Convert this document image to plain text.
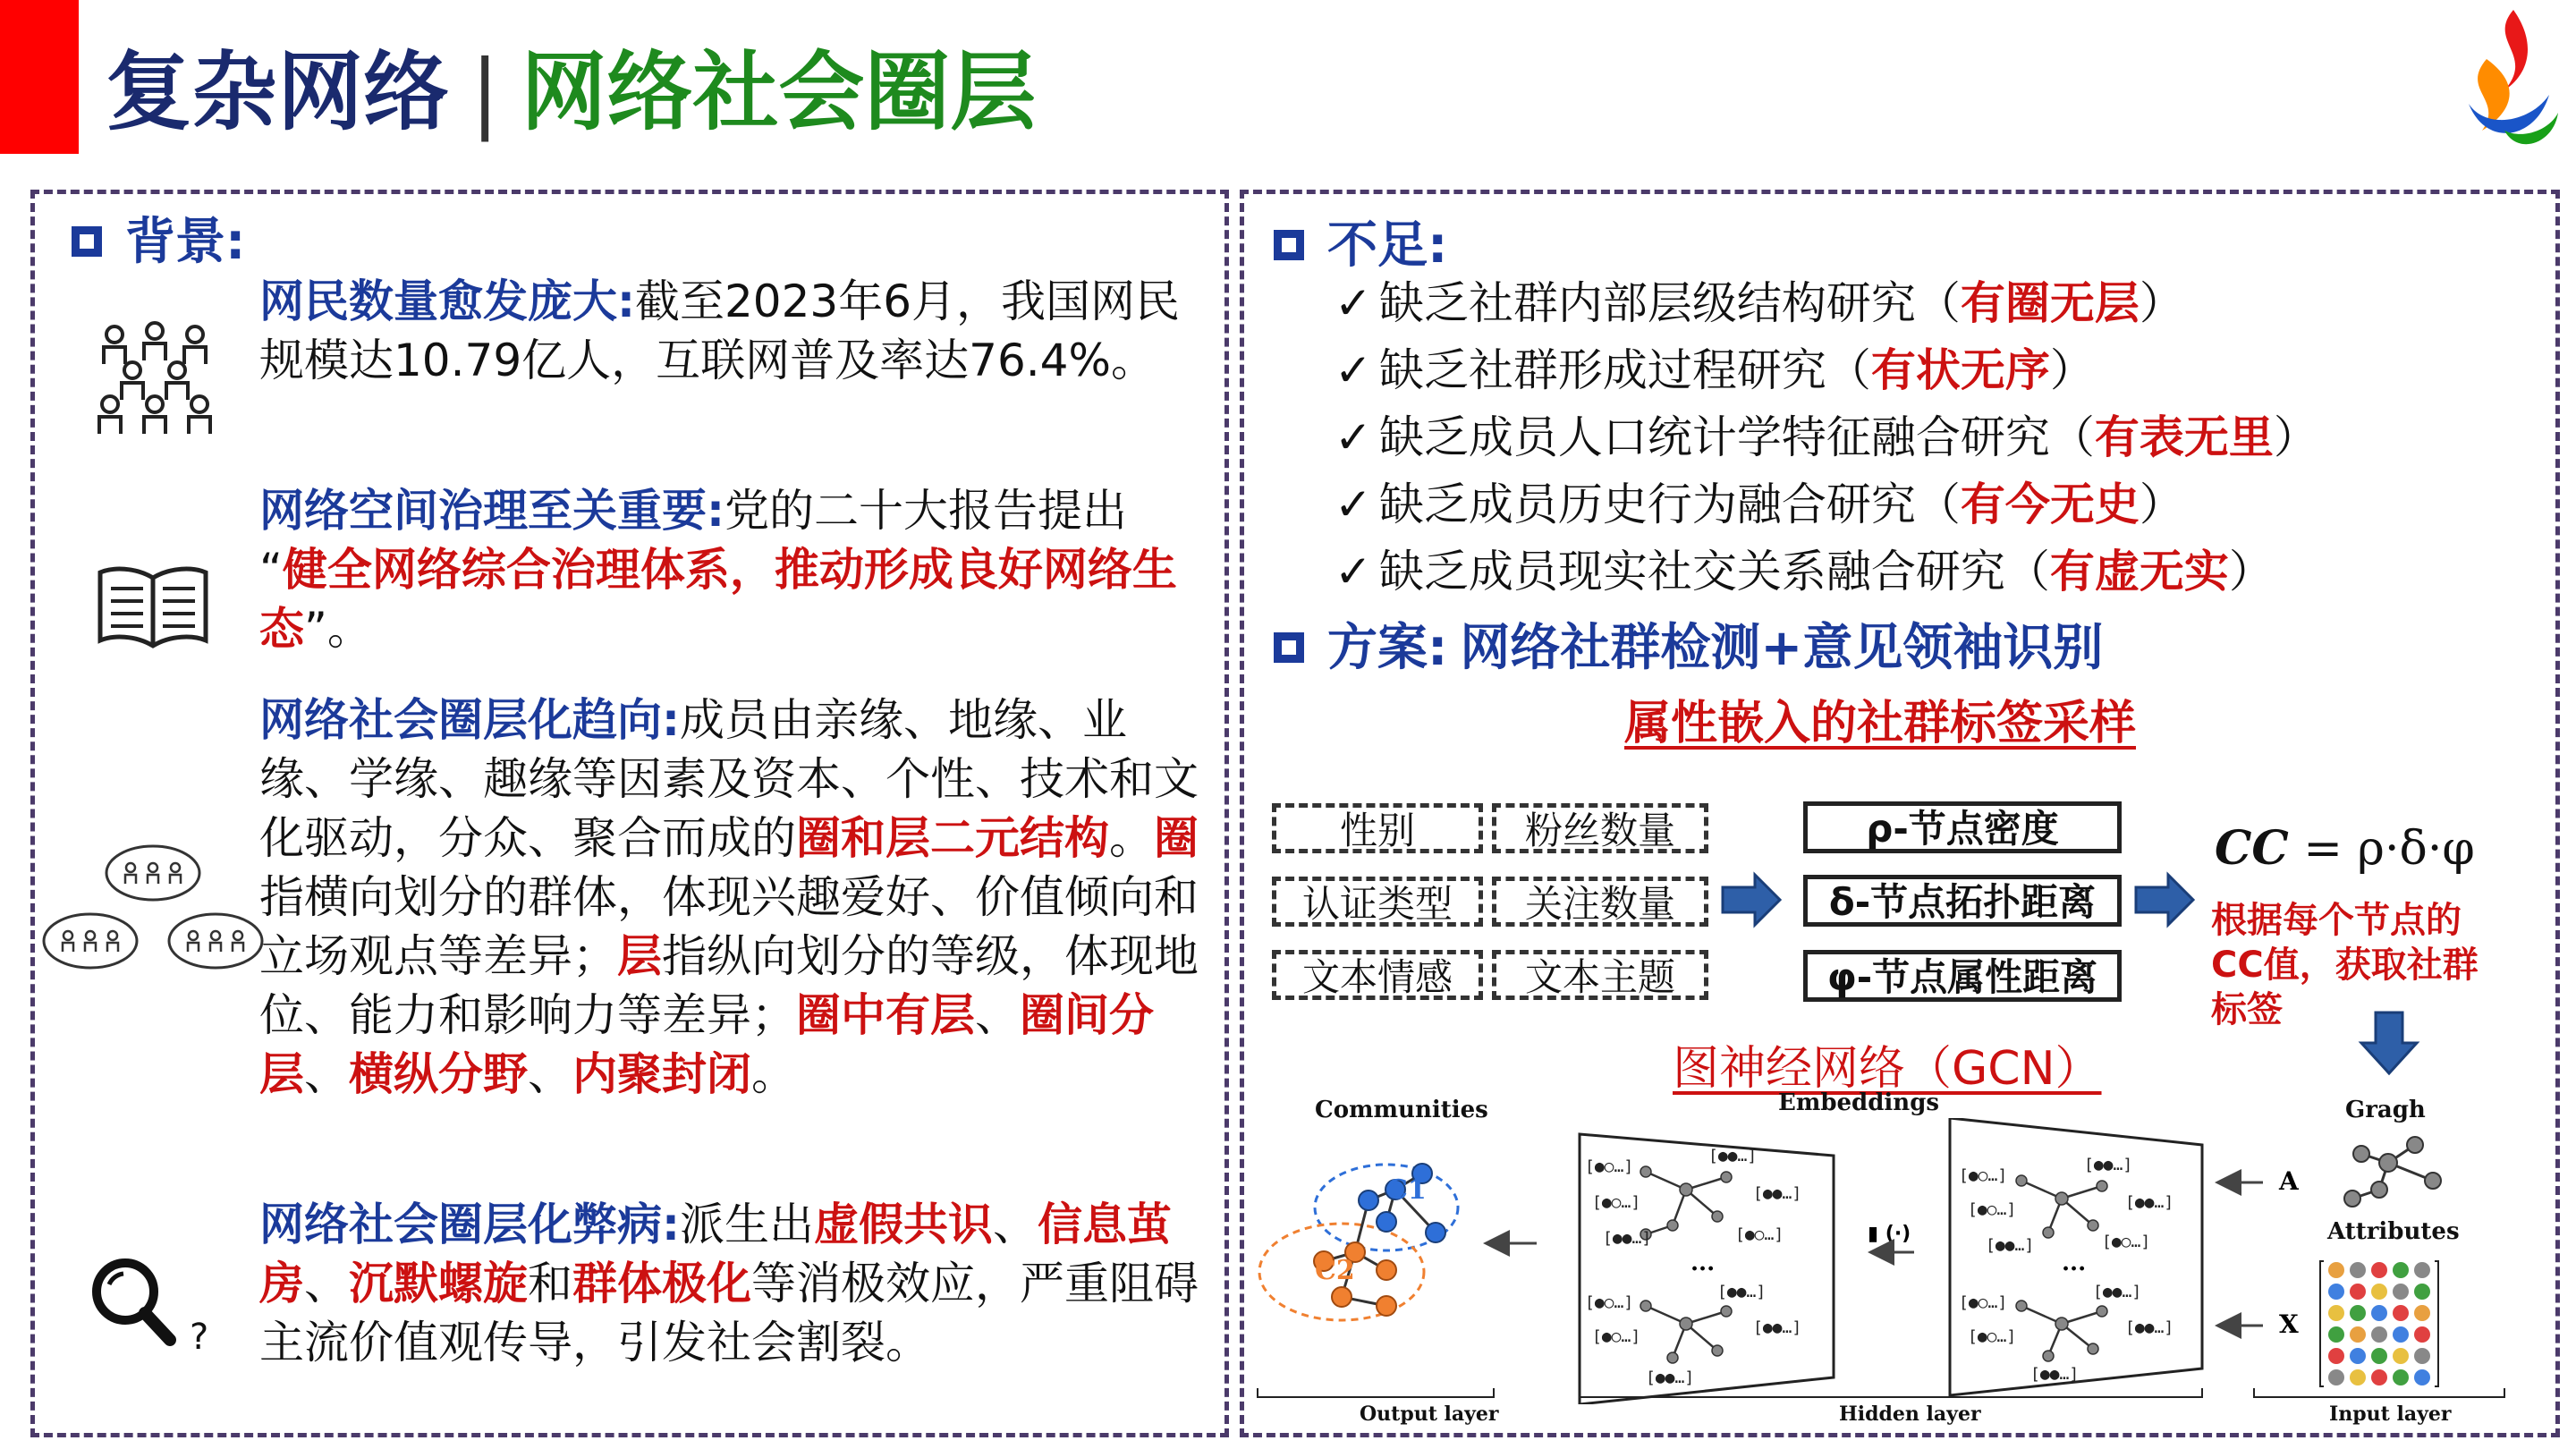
复杂网络 | 网络社会圈层
背景:
网民数量愈发庞大:截至2023年6月，我国网民规模达10.79亿人，互联网普及率达76.4%。
网络空间治理至关重要:党的二十大报告提出 “健全网络综合治理体系，推动形成良好网络生态”。
网络社会圈层化趋向:成员由亲缘、地缘、业缘、学缘、趣缘等因素及资本、个性、技术和文化驱动，分众、聚合而成的圈和层二元结构。圈指横向划分的群体，体现兴趣爱好、价值倾向和立场观点等差异；层指纵向划分的等级，体现地位、能力和影响力等差异；圈中有层、圈间分层、横纵分野、内聚封闭。
?
网络社会圈层化弊病:派生出虚假共识、信息茧房、沉默螺旋和群体极化等消极效应，严重阻碍主流价值观传导，引发社会割裂。
不足:
✓ 缺乏社群内部层级结构研究（有圈无层）
✓ 缺乏社群形成过程研究（有状无序）
✓ 缺乏成员人口统计学特征融合研究（有表无里）
✓ 缺乏成员历史行为融合研究（有今无史）
✓ 缺乏成员现实社交关系融合研究（有虚无实）
方案: 网络社群检测+意见领袖识别
属性嵌入的社群标签采样
性别	粉丝数量
认证类型	关注数量
文本情感	文本主题
ρ-节点密度
δ-节点拓扑距离
φ-节点属性距离
CC = ρ·δ·φ
根据每个节点的CC值，获取社群标签
图神经网络（GCN）
Communities	Embeddings	Gragh
Attributes
C1
C2
[●○…]
[●●…]
[●○…]	[●●…]
[●●…]	[●○…]
[●○…]
[●●…]
[●○…]	[●●…]
[●●…]
[●○…]
[●●…]
[●○…]	[●●…]
[●●…]	[●○…]
[●○…]
[●●…]
[●○…]	[●●…]
[●●…]
...	...
▮ (·)
A
X
Output layer	Hidden layer	Input layer
